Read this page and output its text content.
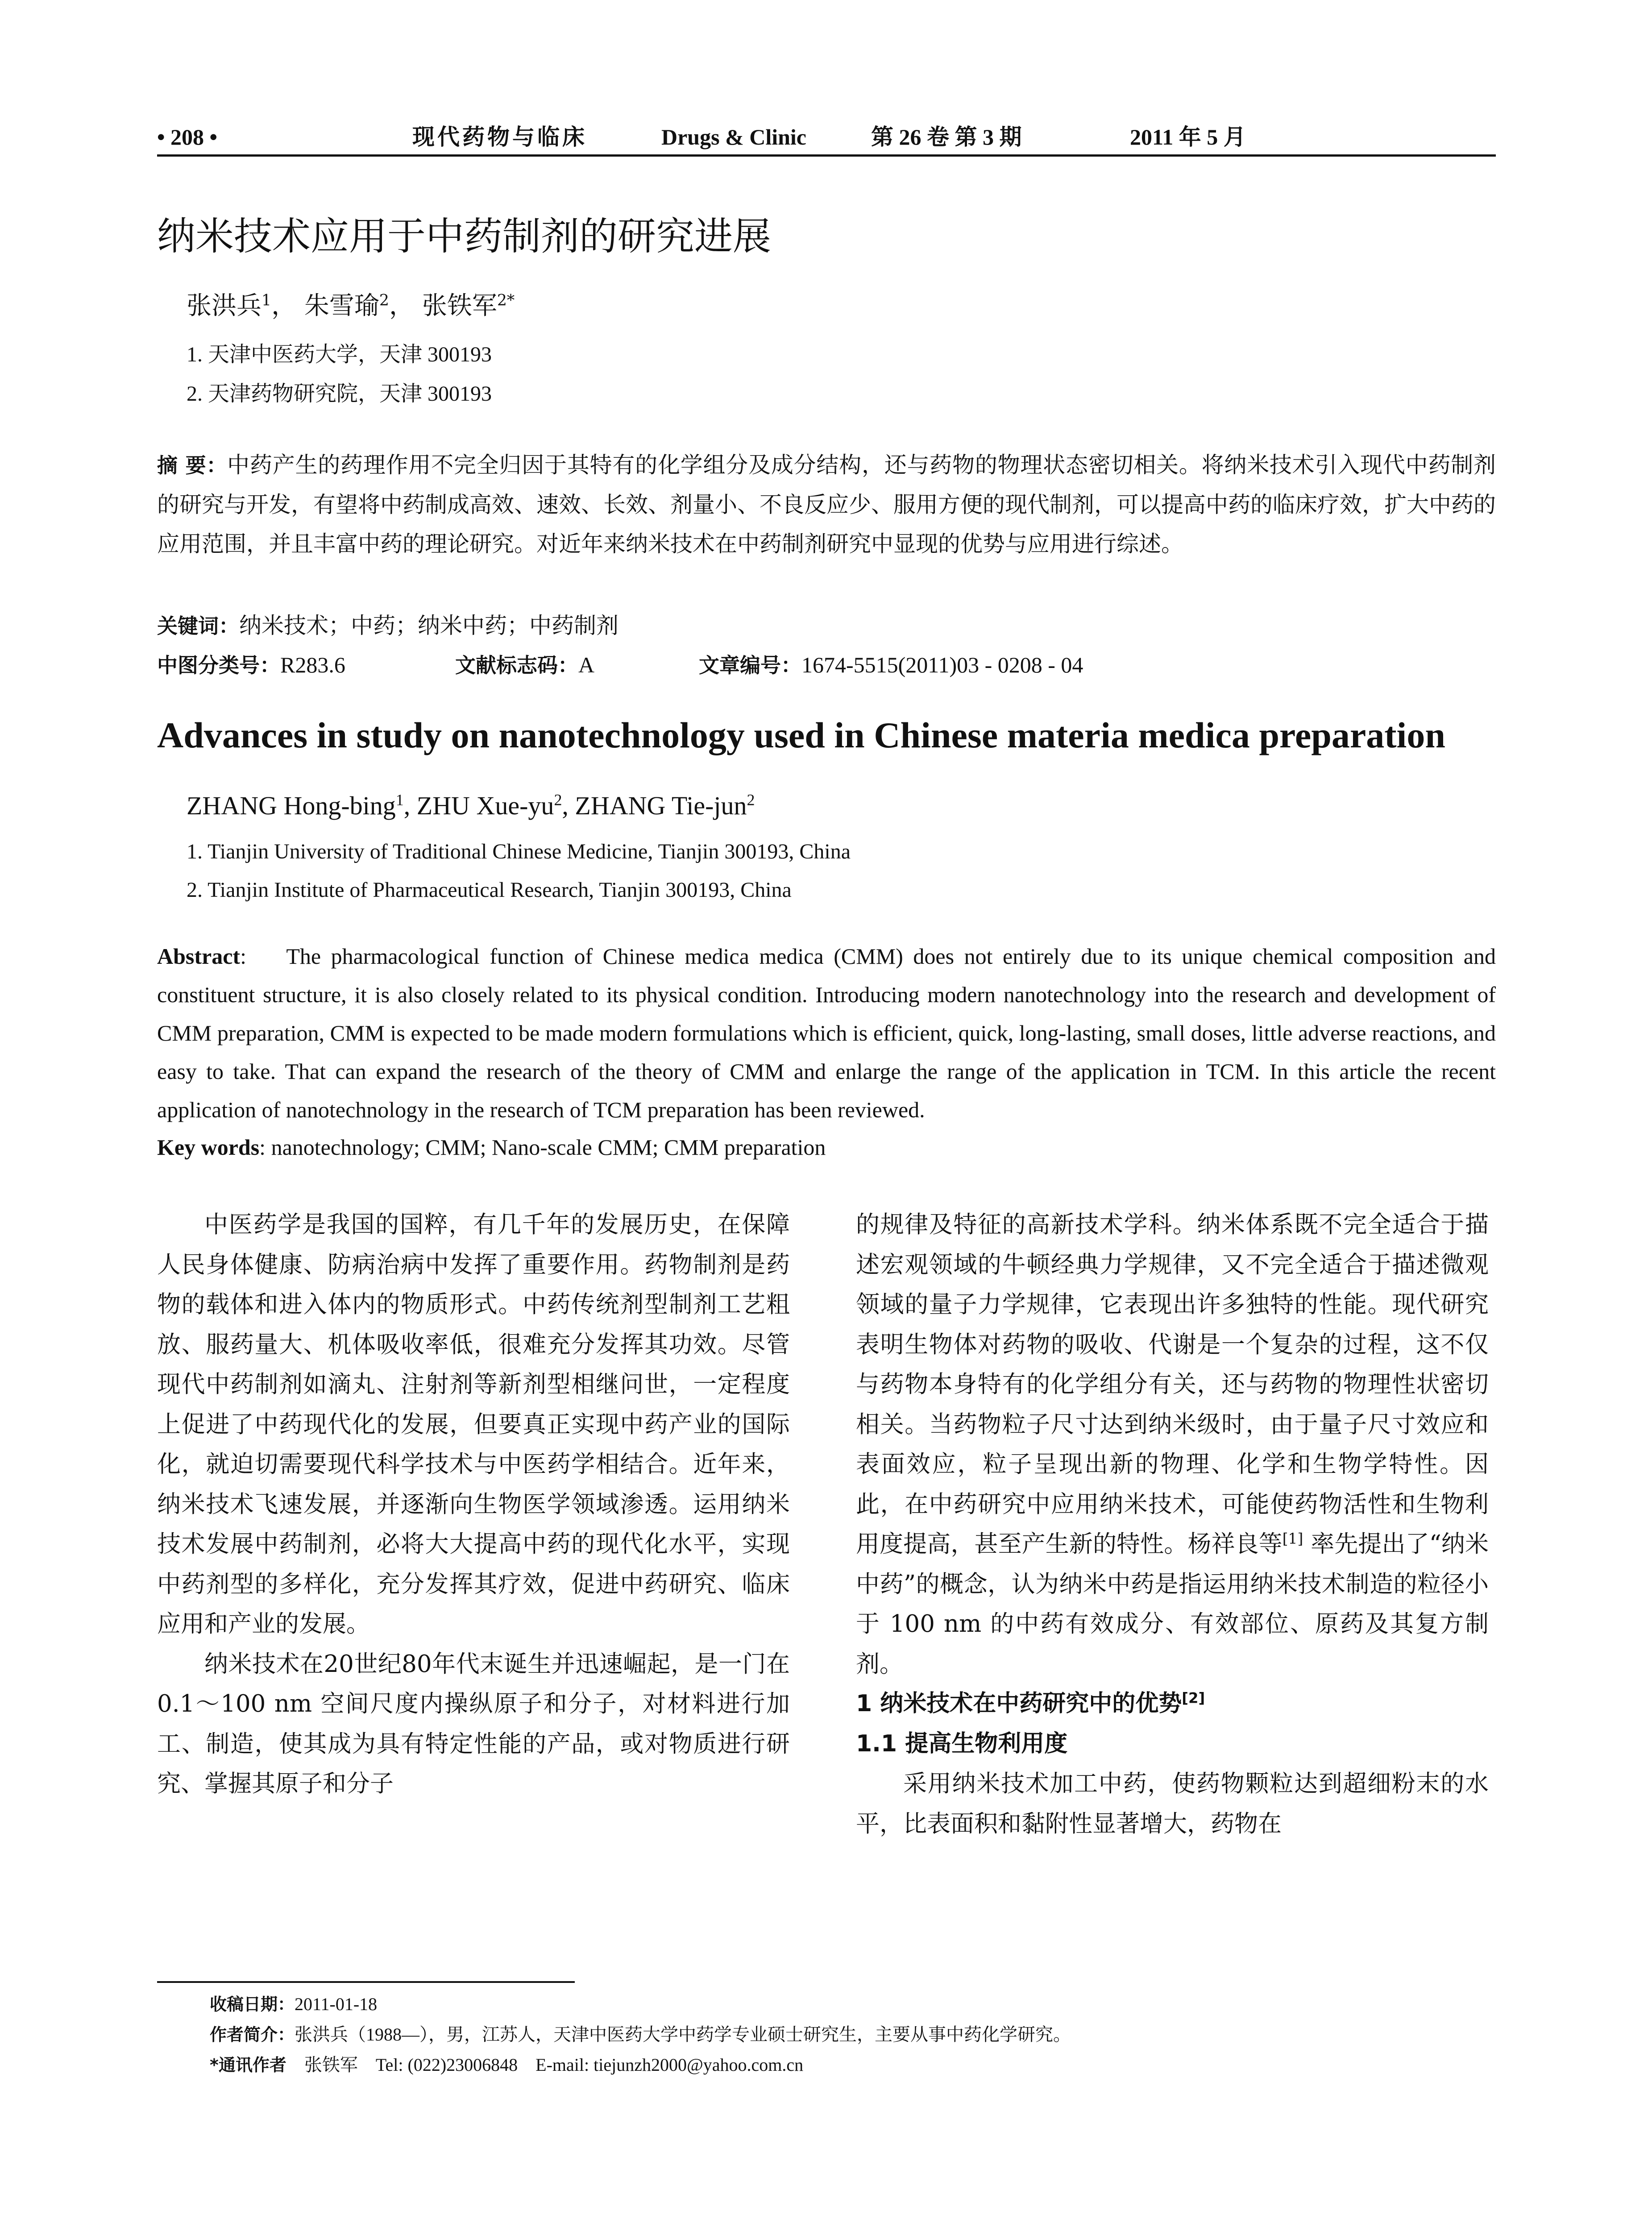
• 208 •	现代药物与临床	Drugs & Clinic	第 26 卷 第 3 期	2011 年 5 月
纳米技术应用于中药制剂的研究进展
张洪兵$^1$， 朱雪瑜$^2$， 张铁军$^{2*}$
1. 天津中医药大学，天津 300193
2. 天津药物研究院，天津 300193
摘 要：中药产生的药理作用不完全归因于其特有的化学组分及成分结构，还与药物的物理状态密切相关。将纳米技术引入现代中药制剂的研究与开发，有望将中药制成高效、速效、长效、剂量小、不良反应少、服用方便的现代制剂，可以提高中药的临床疗效，扩大中药的应用范围，并且丰富中药的理论研究。对近年来纳米技术在中药制剂研究中显现的优势与应用进行综述。
关键词：纳米技术；中药；纳米中药；中药制剂
中图分类号：R283.6	文献标志码：A	文章编号：1674-5515(2011)03 - 0208 - 04
Advances in study on nanotechnology used in Chinese materia medica preparation
ZHANG Hong-bing$^1$, ZHU Xue-$yu^2$, ZHANG Tie-jun$^2$
1. Tianjin University of Traditional Chinese Medicine, Tianjin 300193, China
2. Tianjin Institute of Pharmaceutical Research, Tianjin 300193, China
Abstract:    The pharmacological function of Chinese medica medica (CMM) does not entirely due to its unique chemical composition and constituent structure, it is also closely related to its physical condition. Introducing modern nanotechnology into the research and development of CMM preparation, CMM is expected to be made modern formulations which is efficient, quick, long-lasting, small doses, little adverse reactions, and easy to take. That can expand the research of the theory of CMM and enlarge the range of the application in TCM. In this article the recent application of nanotechnology in the research of TCM preparation has been reviewed.
Key words: nanotechnology; CMM; Nano-scale CMM; CMM preparation

中医药学是我国的国粹，有几千年的发展历史，在保障人民身体健康、防病治病中发挥了重要作用。药物制剂是药物的载体和进入体内的物质形式。中药传统剂型制剂工艺粗放、服药量大、机体吸收率低，很难充分发挥其功效。尽管现代中药制剂如滴丸、注射剂等新剂型相继问世，一定程度上促进了中药现代化的发展，但要真正实现中药产业的国际化，就迫切需要现代科学技术与中医药学相结合。近年来，纳米技术飞速发展，并逐渐向生物医学领域渗透。运用纳米技术发展中药制剂，必将大大提高中药的现代化水平，实现中药剂型的多样化，充分发挥其疗效，促进中药研究、临床应用和产业的发展。

纳米技术在20世纪80年代末诞生并迅速崛起，是一门在 0.1～100 nm 空间尺度内操纵原子和分子，对材料进行加工、制造，使其成为具有特定性能的产品，或对物质进行研究、掌握其原子和分子

的规律及特征的高新技术学科。纳米体系既不完全适合于描述宏观领域的牛顿经典力学规律，又不完全适合于描述微观领域的量子力学规律，它表现出许多独特的性能。现代研究表明生物体对药物的吸收、代谢是一个复杂的过程，这不仅与药物本身特有的化学组分有关，还与药物的物理性状密切相关。当药物粒子尺寸达到纳米级时，由于量子尺寸效应和表面效应，粒子呈现出新的物理、化学和生物学特性。因此，在中药研究中应用纳米技术，可能使药物活性和生物利用度提高，甚至产生新的特性。杨祥良等[1] 率先提出了“纳米中药”的概念，认为纳米中药是指运用纳米技术制造的粒径小于 100 nm 的中药有效成分、有效部位、原药及其复方制剂。

1 纳米技术在中药研究中的优势[2]
1.1 提高生物利用度

采用纳米技术加工中药，使药物颗粒达到超细粉末的水平，比表面积和黏附性显著增大，药物在

收稿日期：2011-01-18
作者简介：张洪兵（1988—），男，江苏人，天津中医药大学中药学专业硕士研究生，主要从事中药化学研究。
*通讯作者 张铁军 Tel: (022)23006848 E-mail: tiejunzh2000@yahoo.com.cn
